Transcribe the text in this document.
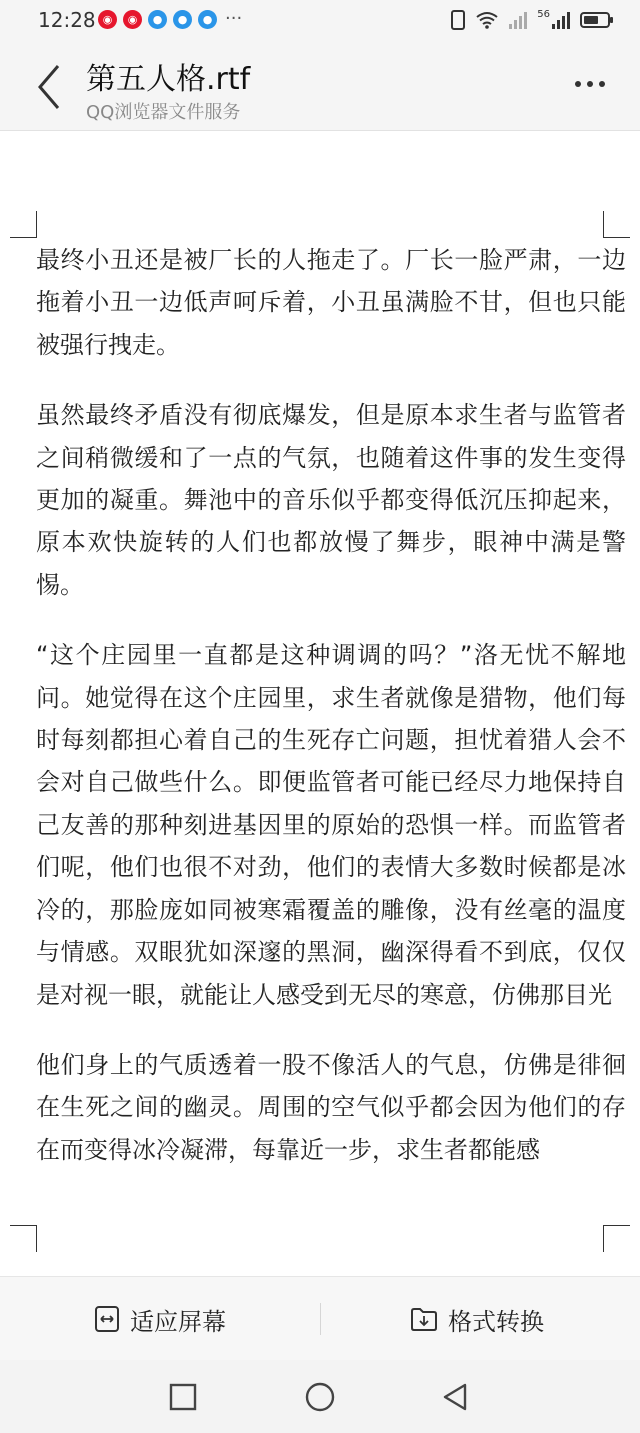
12:28 ◉	◉	●	●	● ···	56
第五人格.rtf
QQ浏览器文件服务

最终小丑还是被厂长的人拖走了。厂长一脸严肃，一边拖着小丑一边低声呵斥着，小丑虽满脸不甘，但也只能被强行拽走。

虽然最终矛盾没有彻底爆发，但是原本求生者与监管者之间稍微缓和了一点的气氛，也随着这件事的发生变得更加的凝重。舞池中的音乐似乎都变得低沉压抑起来，原本欢快旋转的人们也都放慢了舞步，眼神中满是警惕。

“这个庄园里一直都是这种调调的吗？”洛无忧不解地问。她觉得在这个庄园里，求生者就像是猎物，他们每时每刻都担心着自己的生死存亡问题，担忧着猎人会不会对自己做些什么。即便监管者可能已经尽力地保持自己友善的那种刻进基因里的原始的恐惧一样。而监管者们呢，他们也很不对劲，他们的表情大多数时候都是冰冷的，那脸庞如同被寒霜覆盖的雕像，没有丝毫的温度与情感。双眼犹如深邃的黑洞，幽深得看不到底，仅仅是对视一眼，就能让人感受到无尽的寒意，仿佛那目光

他们身上的气质透着一股不像活人的气息，仿佛是徘徊在生死之间的幽灵。周围的空气似乎都会因为他们的存在而变得冰冷凝滞，每靠近一步，求生者都能感

适应屏幕	格式转换
